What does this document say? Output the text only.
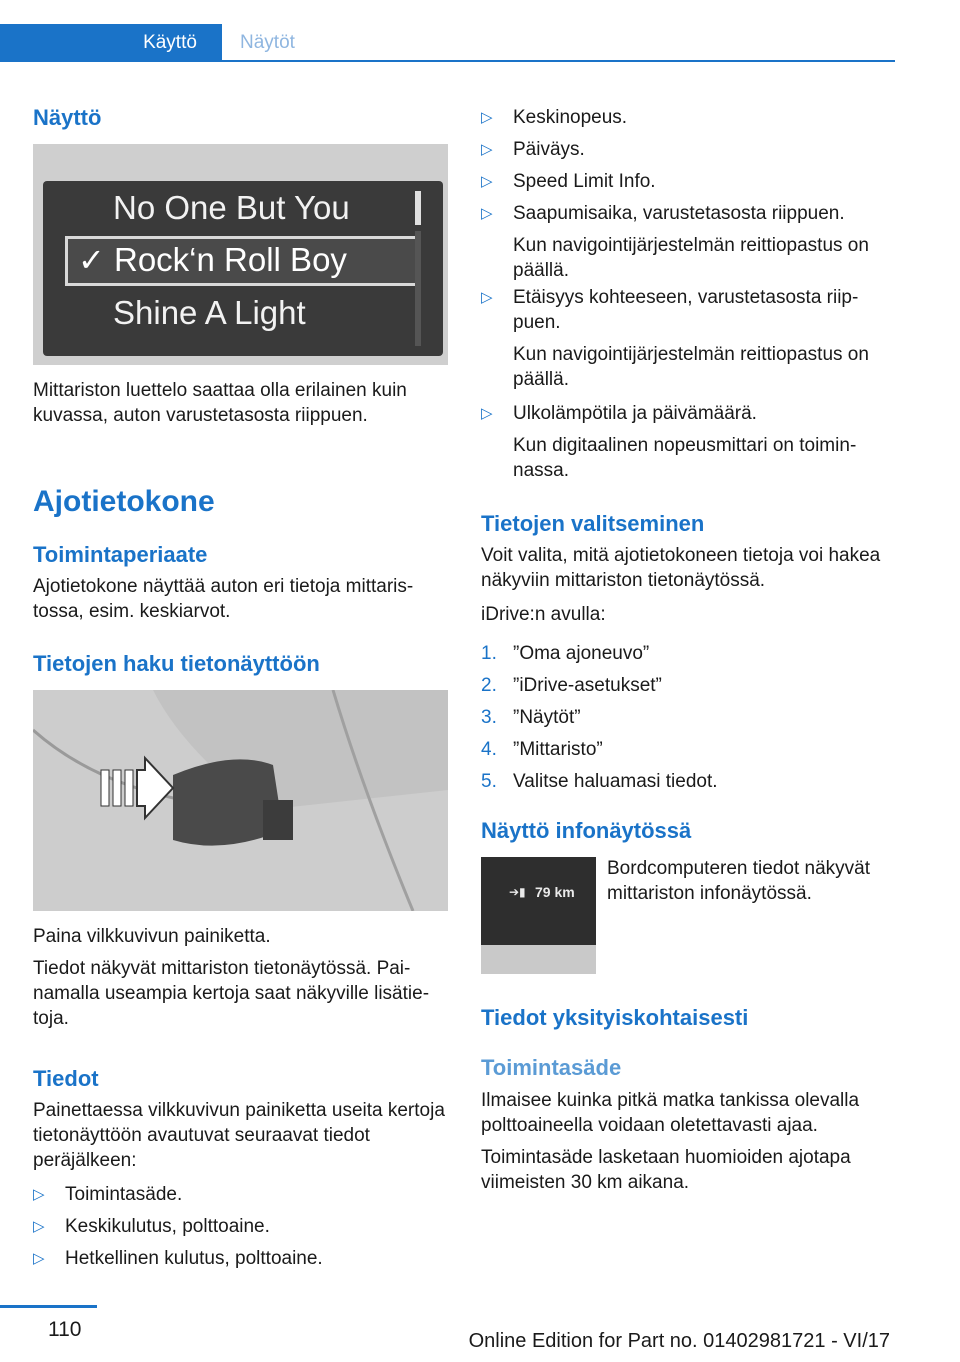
Käyttö	Näytöt
Näyttö
No One But You
✓ Rock‘n Roll Boy
Shine A Light

Mittariston luettelo saattaa olla erilainen kuin kuvassa, auton varustetasosta riippuen.

Ajotietokone
Toimintaperiaate

Ajotietokone näyttää auton eri tietoja mittaristossa, esim. keskiarvot.

Tietojen haku tietonäyttöön

Paina vilkkuvivun painiketta.

Tiedot näkyvät mittariston tietonäytössä. Painamalla useampia kertoja saat näkyville lisätietoja.

Tiedot

Painettaessa vilkkuvivun painiketta useita kertoja tietonäyttöön avautuvat seuraavat tiedot peräjälkeen:

▷ Toimintasäde.
▷ Keskikulutus, polttoaine.
▷ Hetkellinen kulutus, polttoaine.
▷ Keskinopeus.
▷ Päiväys.
▷ Speed Limit Info.
▷ Saapumisaika, varustetasosta riippuen.
Kun navigointijärjestelmän reittiopastus on päällä.
▷ Etäisyys kohteeseen, varustetasosta riippuen.
Kun navigointijärjestelmän reittiopastus on päällä.
▷ Ulkolämpötila ja päivämäärä.
Kun digitaalinen nopeusmittari on toiminnassa.
Tietojen valitseminen

Voit valita, mitä ajotietokoneen tietoja voi hakea näkyviin mittariston tietonäytössä.

iDrive:n avulla:

1. ”Oma ajoneuvo”
2. ”iDrive-asetukset”
3. ”Näytöt”
4. ”Mittaristo”
5. Valitse haluamasi tiedot.
Näyttö infonäytössä
➔▮ 79 km

Bordcomputeren tiedot näkyvät mittariston infonäytössä.

Tiedot yksityiskohtaisesti
Toimintasäde

Ilmaisee kuinka pitkä matka tankissa olevalla polttoaineella voidaan oletettavasti ajaa.

Toimintasäde lasketaan huomioiden ajotapa viimeisten 30 km aikana.

110	Online Edition for Part no. 01402981721 - VI/17
